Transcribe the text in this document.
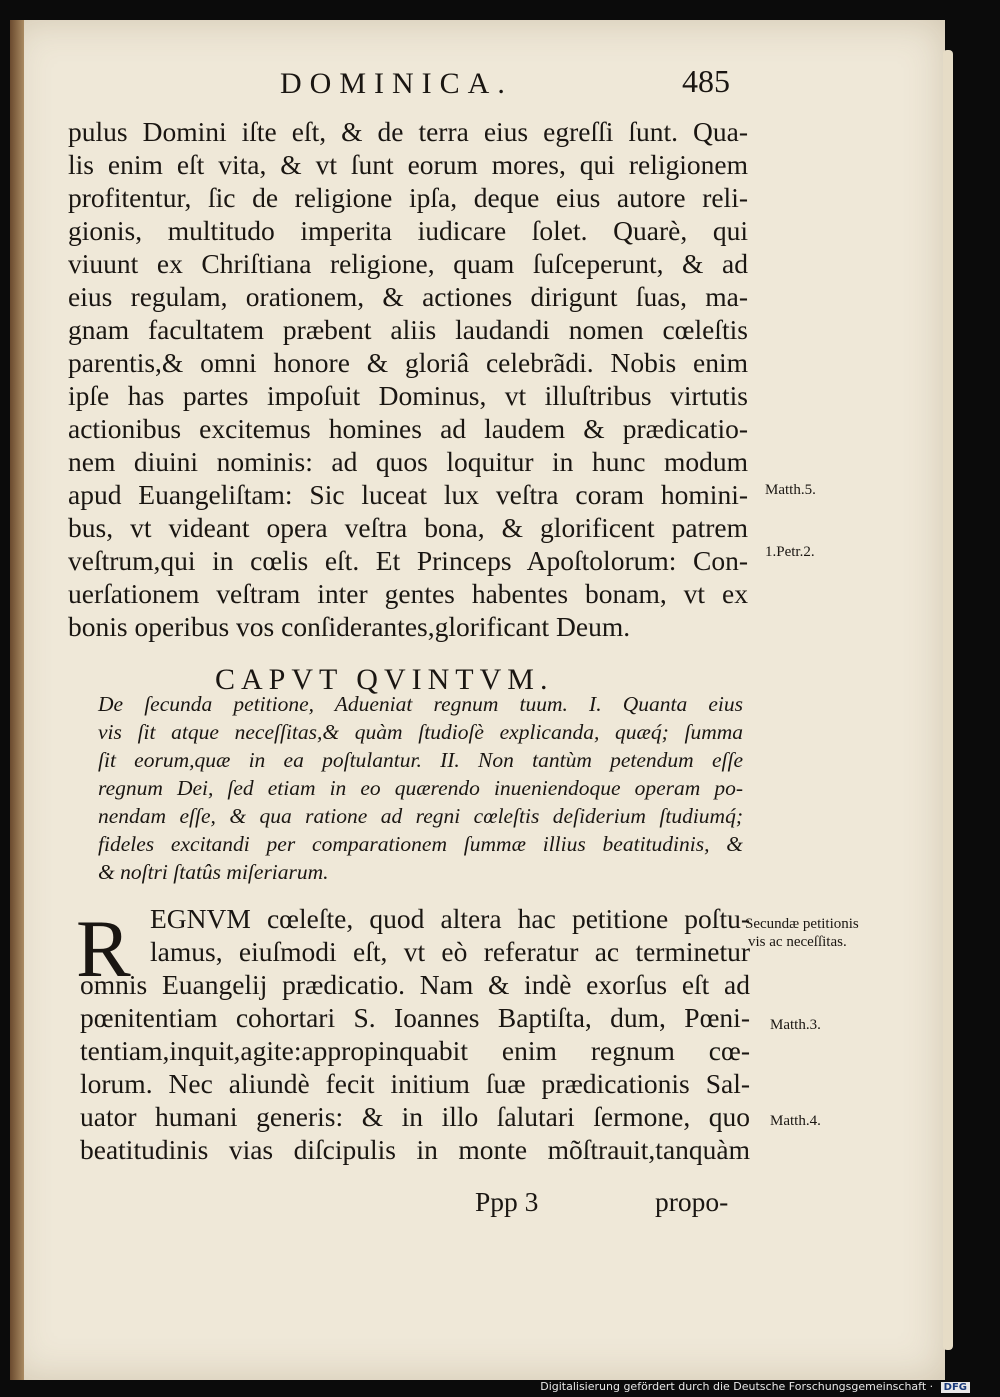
DOMINICA.	485
pulus Domini iſte eſt, & de terra eius egreſſi ſunt. Qua-
lis enim eſt vita, & vt ſunt eorum mores, qui religionem
profitentur, ſic de religione ipſa, deque eius autore reli-
gionis, multitudo imperita iudicare ſolet. Quarè, qui
viuunt ex Chriſtiana religione, quam ſuſceperunt, & ad
eius regulam, orationem, & actiones dirigunt ſuas, ma-
gnam facultatem præbent aliis laudandi nomen cœleſtis
parentis,& omni honore & gloriâ celebrãdi. Nobis enim
ipſe has partes impoſuit Dominus, vt illuſtribus virtutis
actionibus excitemus homines ad laudem & prædicatio-
nem diuini nominis: ad quos loquitur in hunc modum
apud Euangeliſtam: Sic luceat lux veſtra coram homini-
bus, vt videant opera veſtra bona, & glorificent patrem
veſtrum,qui in cœlis eſt. Et Princeps Apoſtolorum: Con-
uerſationem veſtram inter gentes habentes bonam, vt ex
bonis operibus vos conſiderantes,glorificant Deum.
CAPVT QVINTVM.
De ſecunda petitione, Adueniat regnum tuum. I. Quanta eius
vis ſit atque neceſſitas,& quàm ſtudioſè explicanda, quæq́; ſumma
ſit eorum,quæ in ea poſtulantur. II. Non tantùm petendum eſſe
regnum Dei, ſed etiam in eo quærendo inueniendoque operam po-
nendam eſſe, & qua ratione ad regni cœleſtis deſiderium ſtudiumq́;
fideles excitandi per comparationem ſummæ illius beatitudinis, &
& noſtri ſtatûs miſeriarum.
R EGNVM cœleſte, quod altera hac petitione poſtu-
lamus, eiuſmodi eſt, vt eò referatur ac terminetur
omnis Euangelij prædicatio. Nam & indè exorſus eſt ad
pœnitentiam cohortari S. Ioannes Baptiſta, dum, Pœni-
tentiam,inquit,agite:appropinquabit enim regnum cœ-
lorum. Nec aliundè fecit initium ſuæ prædicationis Sal-
uator humani generis: & in illo ſalutari ſermone, quo
beatitudinis vias diſcipulis in monte mõſtrauit,tanquàm
Ppp 3	propo-
Matth.5.
1.Petr.2.
Secundæ petitionis
vis ac neceſſitas.
Matth.3.
Matth.4.
Digitalisierung gefördert durch die Deutsche Forschungsgemeinschaft · DFG
